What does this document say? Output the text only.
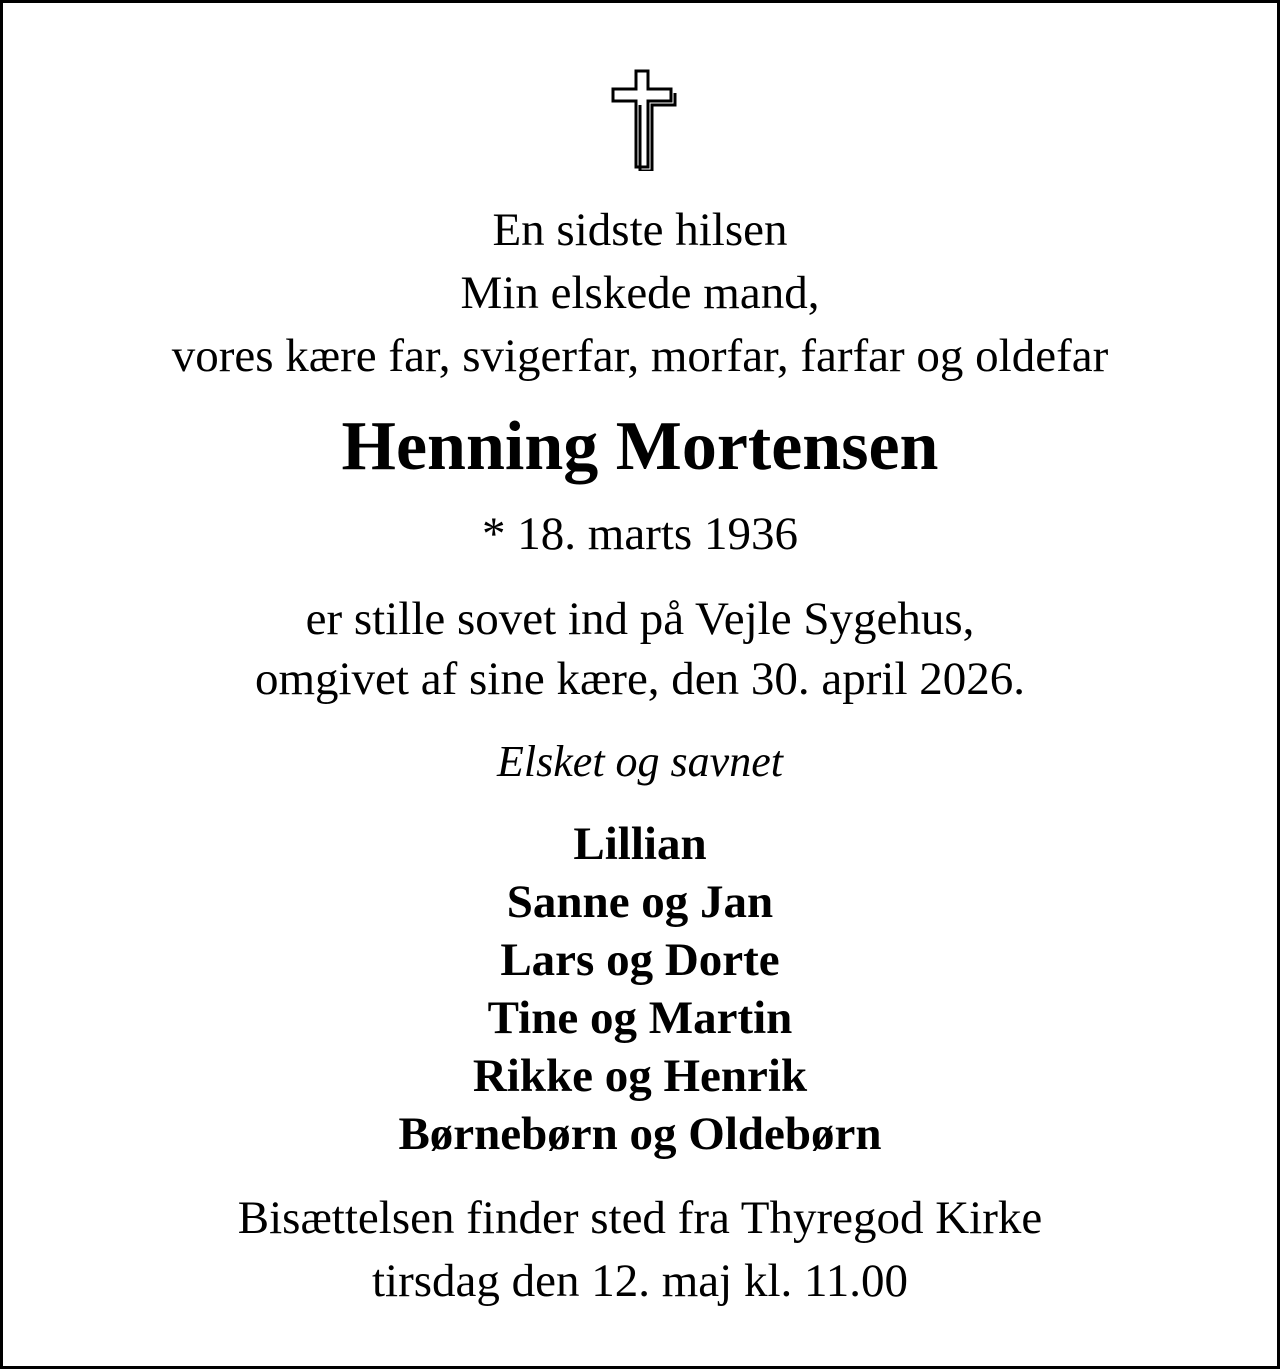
En sidste hilsen
Min elskede mand,
vores kære far, svigerfar, morfar, farfar og oldefar
Henning Mortensen
* 18. marts 1936
er stille sovet ind på Vejle Sygehus,
omgivet af sine kære, den 30. april 2026.
Elsket og savnet
Lillian
Sanne og Jan
Lars og Dorte
Tine og Martin
Rikke og Henrik
Børnebørn og Oldebørn
Bisættelsen finder sted fra Thyregod Kirke
tirsdag den 12. maj kl. 11.00
